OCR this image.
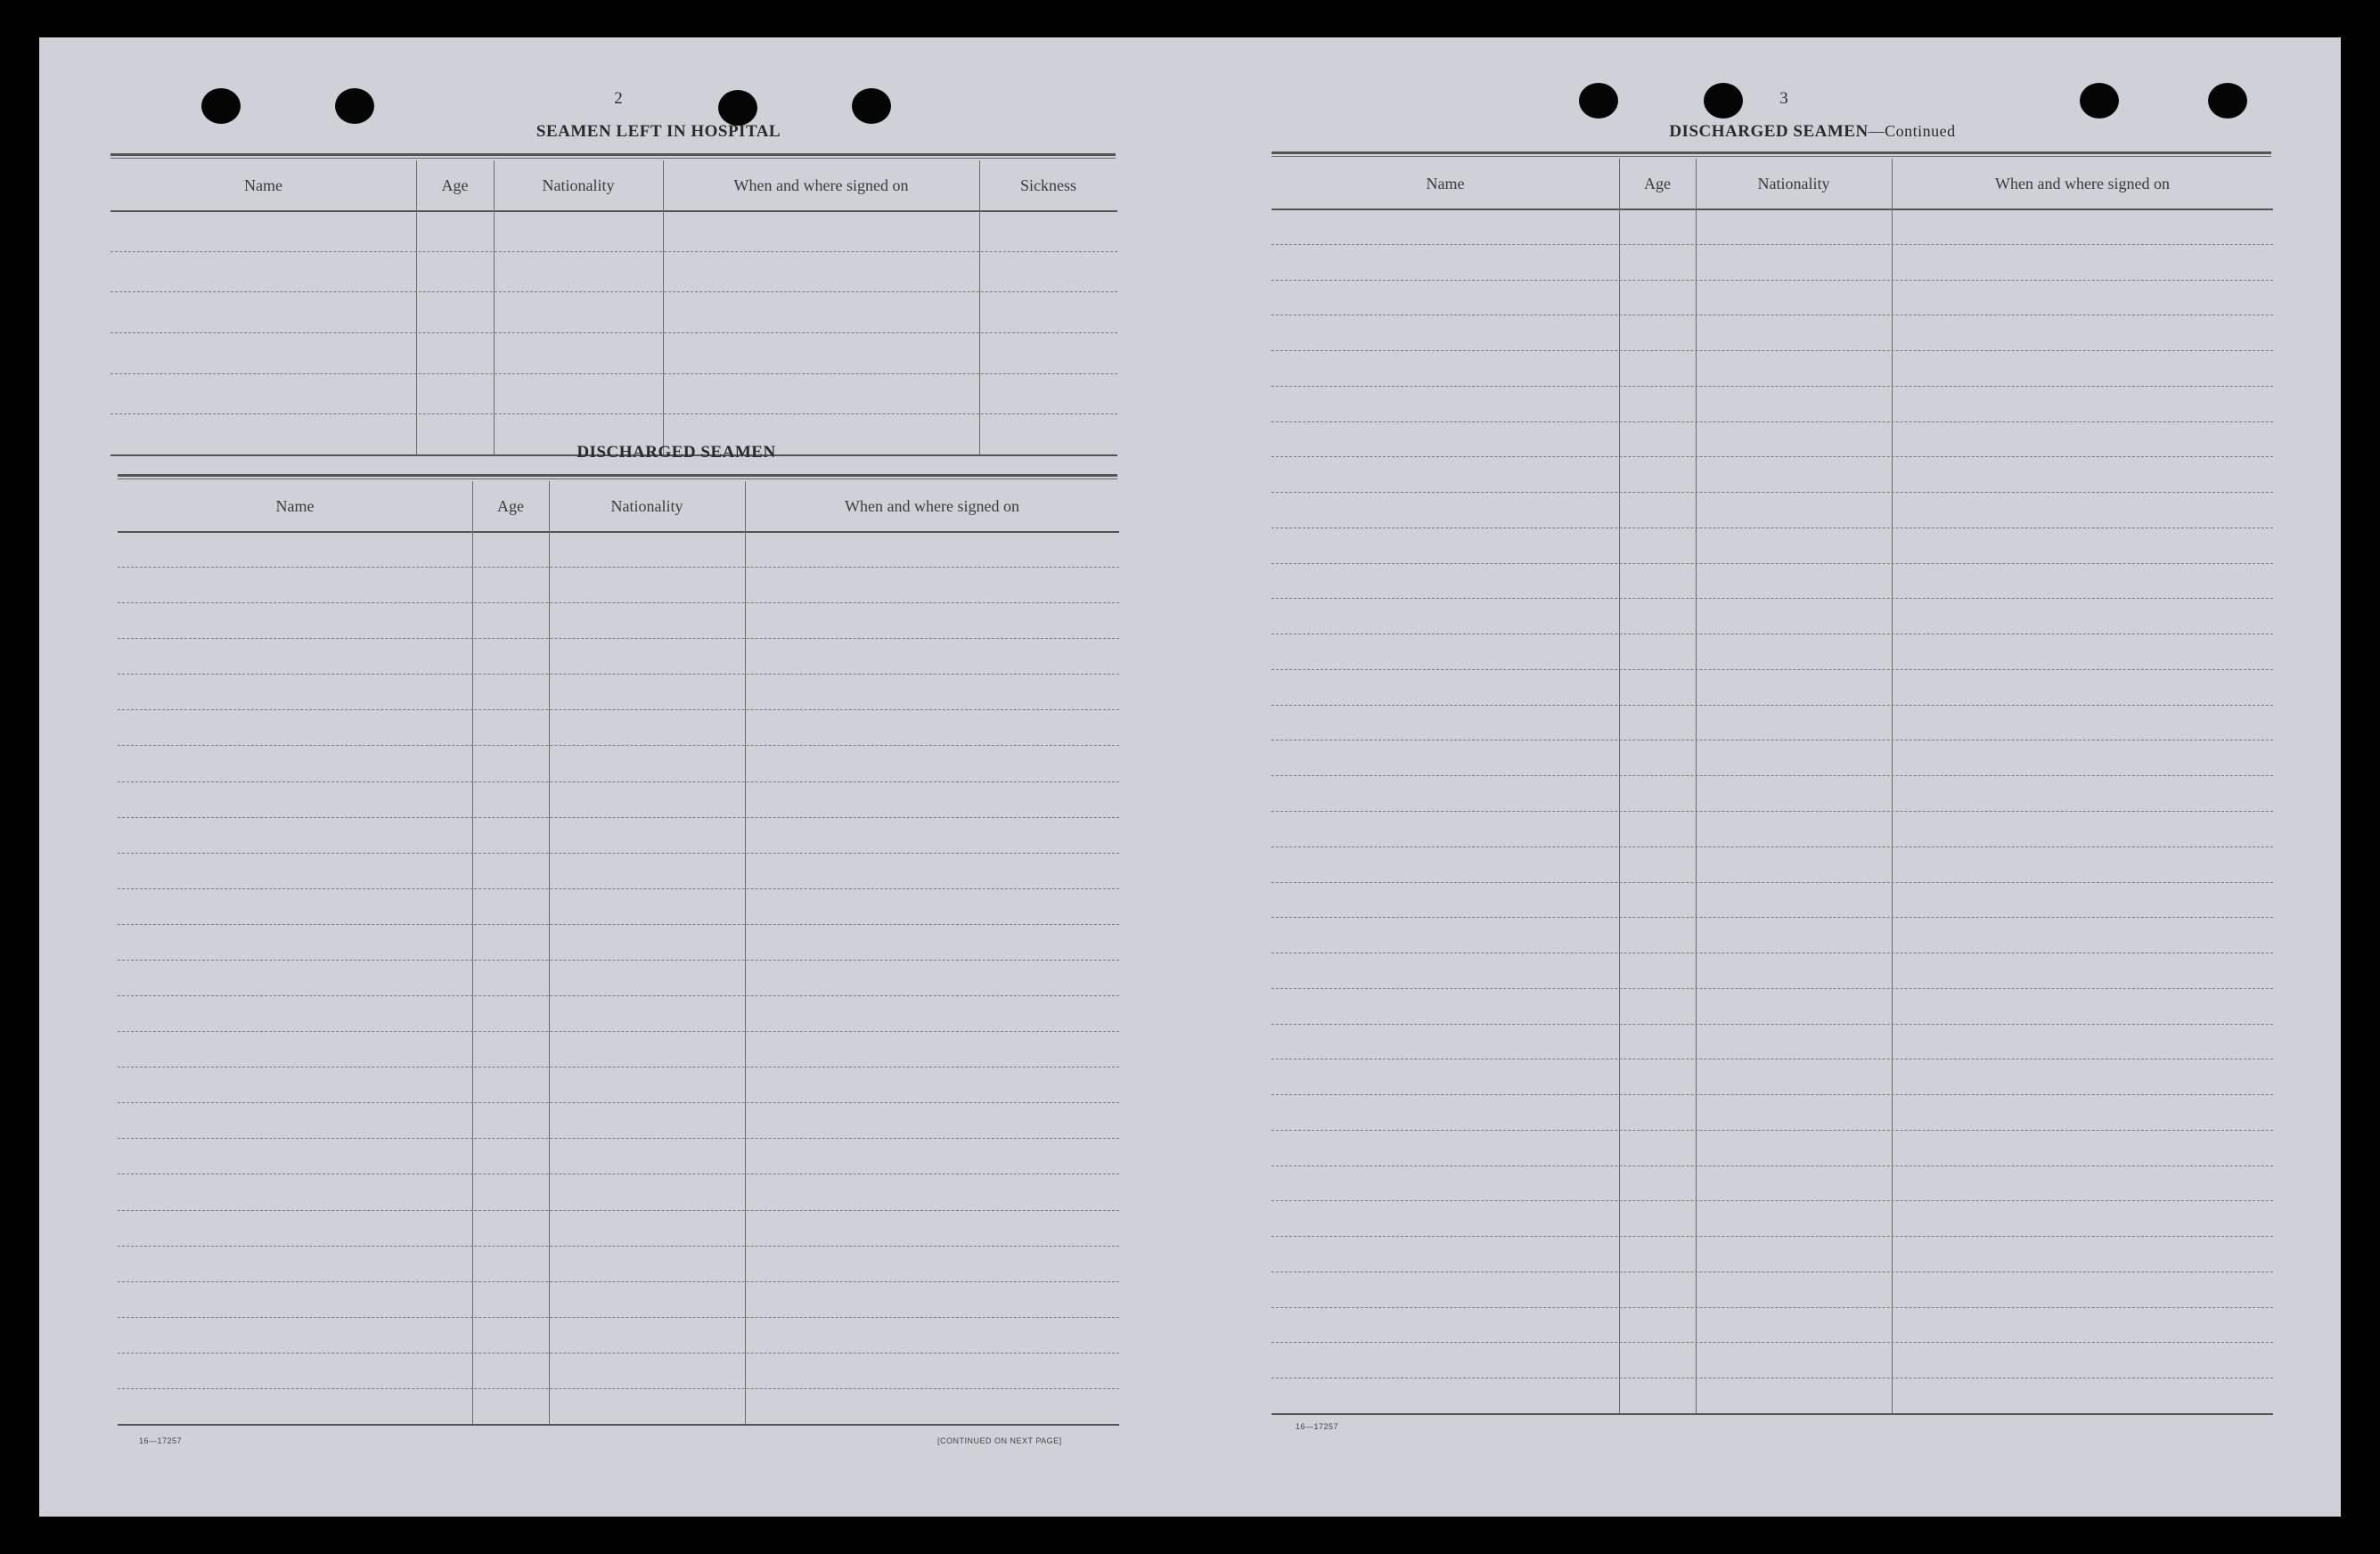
2
SEAMEN LEFT IN HOSPITAL
Name	Age	Nationality	When and where signed on	Sickness
DISCHARGED SEAMEN
Name	Age	Nationality	When and where signed on
16—17257	[CONTINUED ON NEXT PAGE]
3
DISCHARGED SEAMEN—Continued
Name	Age	Nationality	When and where signed on
16—17257
